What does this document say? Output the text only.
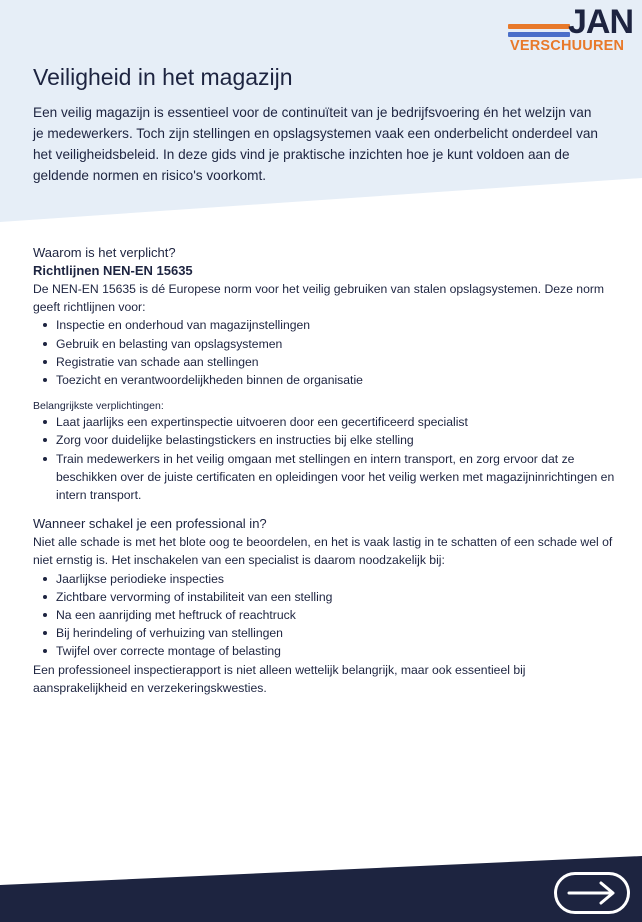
JAN
VERSCHUUREN
Veiligheid in het magazijn

Een veilig magazijn is essentieel voor de continuïteit van je bedrijfsvoering én het welzijn van je medewerkers. Toch zijn stellingen en opslagsystemen vaak een onderbelicht onderdeel van het veiligheidsbeleid. In deze gids vind je praktische inzichten hoe je kunt voldoen aan de geldende normen en risico's voorkomt.

Waarom is het verplicht?
Richtlijnen NEN-EN 15635

De NEN-EN 15635 is dé Europese norm voor het veilig gebruiken van stalen opslagsystemen. Deze norm geeft richtlijnen voor:

Inspectie en onderhoud van magazijnstellingen
Gebruik en belasting van opslagsystemen
Registratie van schade aan stellingen
Toezicht en verantwoordelijkheden binnen de organisatie
Belangrijkste verplichtingen:
Laat jaarlijks een expertinspectie uitvoeren door een gecertificeerd specialist
Zorg voor duidelijke belastingstickers en instructies bij elke stelling
Train medewerkers in het veilig omgaan met stellingen en intern transport, en zorg ervoor dat ze beschikken over de juiste certificaten en opleidingen voor het veilig werken met magazijninrichtingen en intern transport.
Wanneer schakel je een professional in?

Niet alle schade is met het blote oog te beoordelen, en het is vaak lastig in te schatten of een schade wel of niet ernstig is. Het inschakelen van een specialist is daarom noodzakelijk bij:

Jaarlijkse periodieke inspecties
Zichtbare vervorming of instabiliteit van een stelling
Na een aanrijding met heftruck of reachtruck
Bij herindeling of verhuizing van stellingen
Twijfel over correcte montage of belasting

Een professioneel inspectierapport is niet alleen wettelijk belangrijk, maar ook essentieel bij aansprakelijkheid en verzekeringskwesties.
